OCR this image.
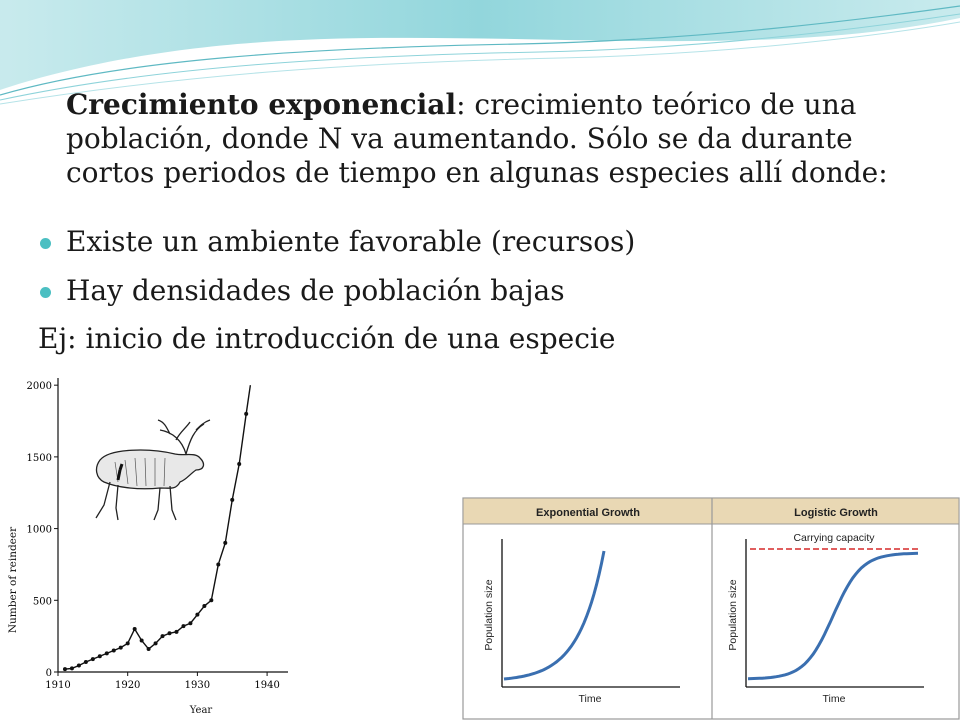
Crecimiento exponencial: crecimiento teórico de una
población, donde N va aumentando. Sólo se da durante
cortos periodos de tiempo en algunas especies allí donde:
Existe un ambiente favorable (recursos)
Hay densidades de población bajas
Ej: inicio de introducción de una especie
Number of reindeer
Year
0
500
1000
1500
2000
1910	1920	1930	1940
Exponential Growth	Logistic Growth
Population size
Time
Population size
Time
Carrying capacity
